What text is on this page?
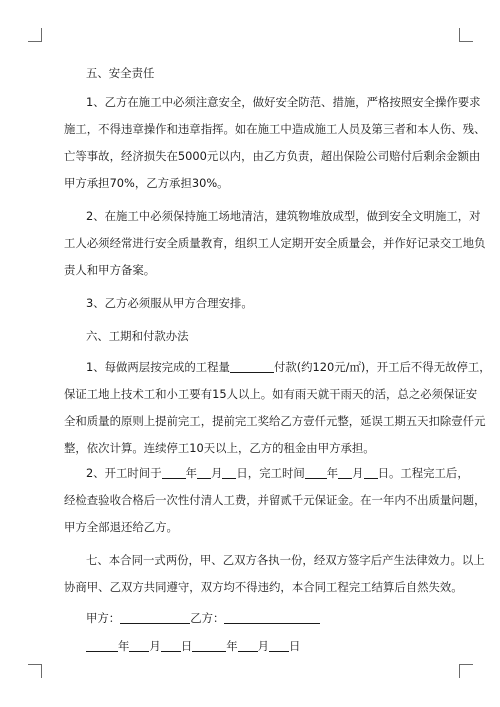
五、安全责任
1、乙方在施工中必须注意安全，做好安全防范、措施，严格按照安全操作要求
施工，不得违章操作和违章指挥。如在施工中造成施工人员及第三者和本人伤、残、
亡等事故，经济损失在5000元以内，由乙方负责，超出保险公司赔付后剩余金额由
甲方承担70%，乙方承担30%。
2、在施工中必须保持施工场地清洁，建筑物堆放成型，做到安全文明施工，对
工人必须经常进行安全质量教育，组织工人定期开安全质量会，并作好记录交工地负
责人和甲方备案。
3、乙方必须服从甲方合理安排。
六、工期和付款办法
1、每做两层按完成的工程量	付款(约120元/㎡)，开工后不得无故停工，
保证工地上技术工和小工要有15人以上。如有雨天就干雨天的活，总之必须保证安
全和质量的原则上提前完工，提前完工奖给乙方壹仟元整，延误工期五天扣除壹仟元
整，依次计算。连续停工10天以上，乙方的租金由甲方承担。
2、开工时间于 年 月 日，完工时间 年 月 日。工程完工后，
经检查验收合格后一次性付清人工费，并留贰千元保证金。在一年内不出质量问题，
甲方全部退还给乙方。
七、本合同一式两份，甲、乙双方各执一份，经双方签字后产生法律效力。以上
协商甲、乙双方共同遵守，双方均不得违约，本合同工程完工结算后自然失效。
甲方：	乙方：
年 月 日	年 月 日
